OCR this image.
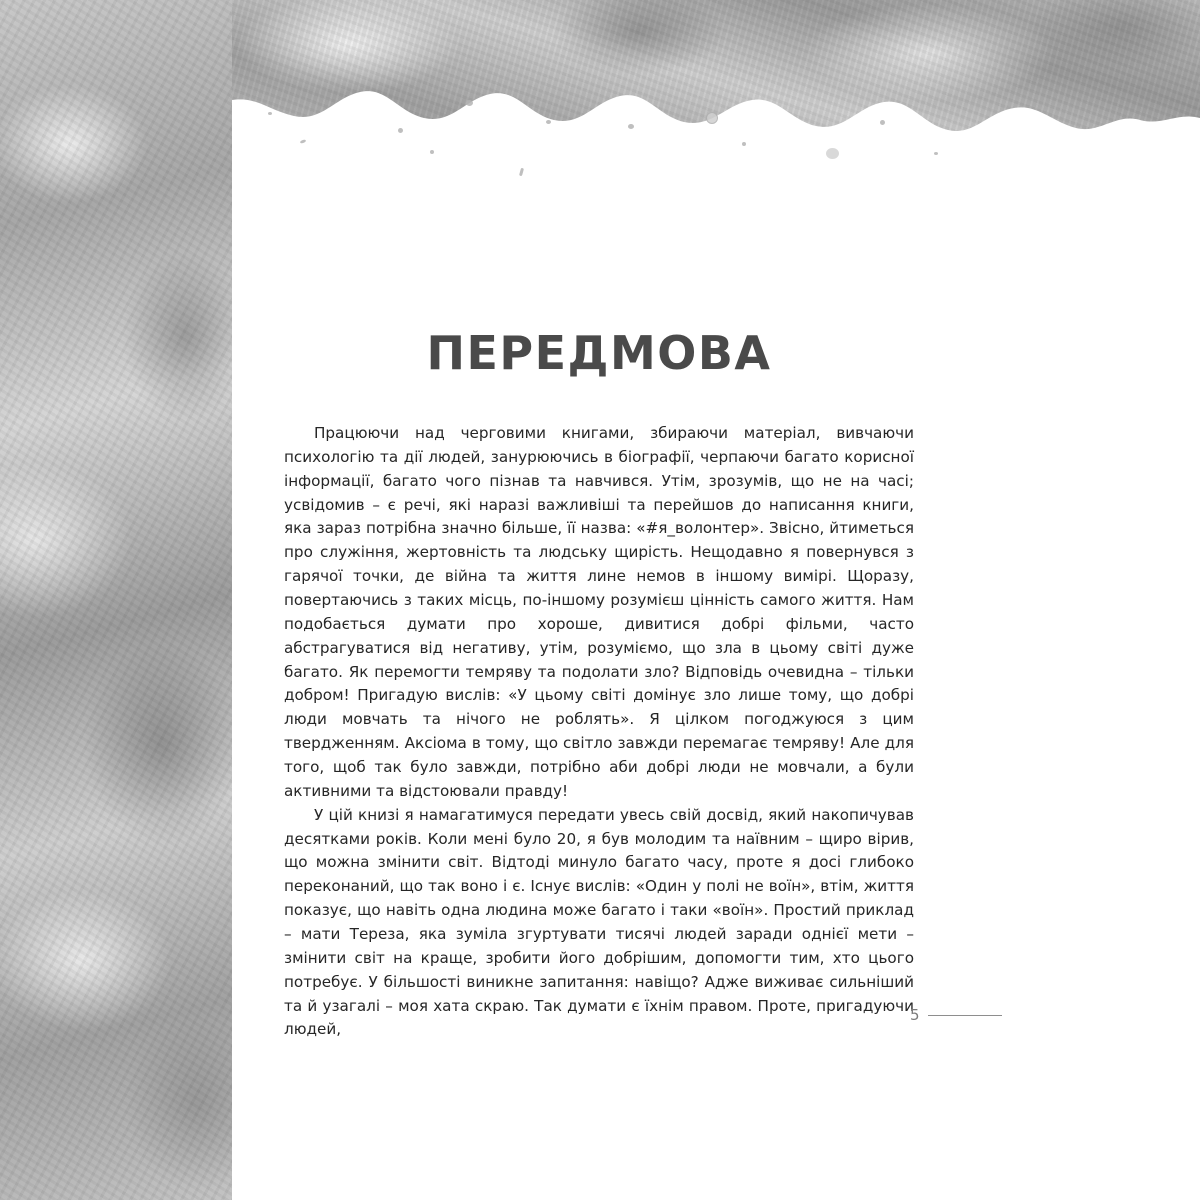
ПЕРЕДМОВА

Працюючи над черговими книгами, збираючи матеріал, вивчаючи психологію та дії людей, занурюючись в біографії, черпаючи багато корисної інформації, багато чого пізнав та навчився. Утім, зрозумів, що не на часі; усвідомив – є речі, які наразі важливіші та перейшов до написання книги, яка зараз потрібна значно більше, її назва: «#я_волонтер». Звісно, йтиметься про служіння, жертовність та людську щирість. Нещодавно я повернувся з гарячої точки, де війна та життя лине немов в іншому вимірі. Щоразу, повертаючись з таких місць, по-іншому розумієш цінність самого життя. Нам подобається думати про хороше, дивитися добрі фільми, часто абстрагуватися від негативу, утім, розуміємо, що зла в цьому світі дуже багато. Як перемогти темряву та подолати зло? Відповідь очевидна – тільки добром! Пригадую вислів: «У цьому світі домінує зло лише тому, що добрі люди мовчать та нічого не роблять». Я цілком погоджуюся з цим твердженням. Аксіома в тому, що світло завжди перемагає темряву! Але для того, щоб так було завжди, потрібно аби добрі люди не мовчали, а були активними та відстоювали правду!

У цій книзі я намагатимуся передати увесь свій досвід, який накопичував десятками років. Коли мені було 20, я був молодим та наївним – щиро вірив, що можна змінити світ. Відтоді минуло багато часу, проте я досі глибоко переконаний, що так воно і є. Існує вислів: «Один у полі не воїн», втім, життя показує, що навіть одна людина може багато і таки «воїн». Простий приклад – мати Тереза, яка зуміла згуртувати тисячі людей заради однієї мети – змінити світ на краще, зробити його добрішим, допомогти тим, хто цього потребує. У більшості виникне запитання: навіщо? Адже виживає сильніший та й узагалі – моя хата скраю. Так думати є їхнім правом. Проте, пригадуючи людей,

5
